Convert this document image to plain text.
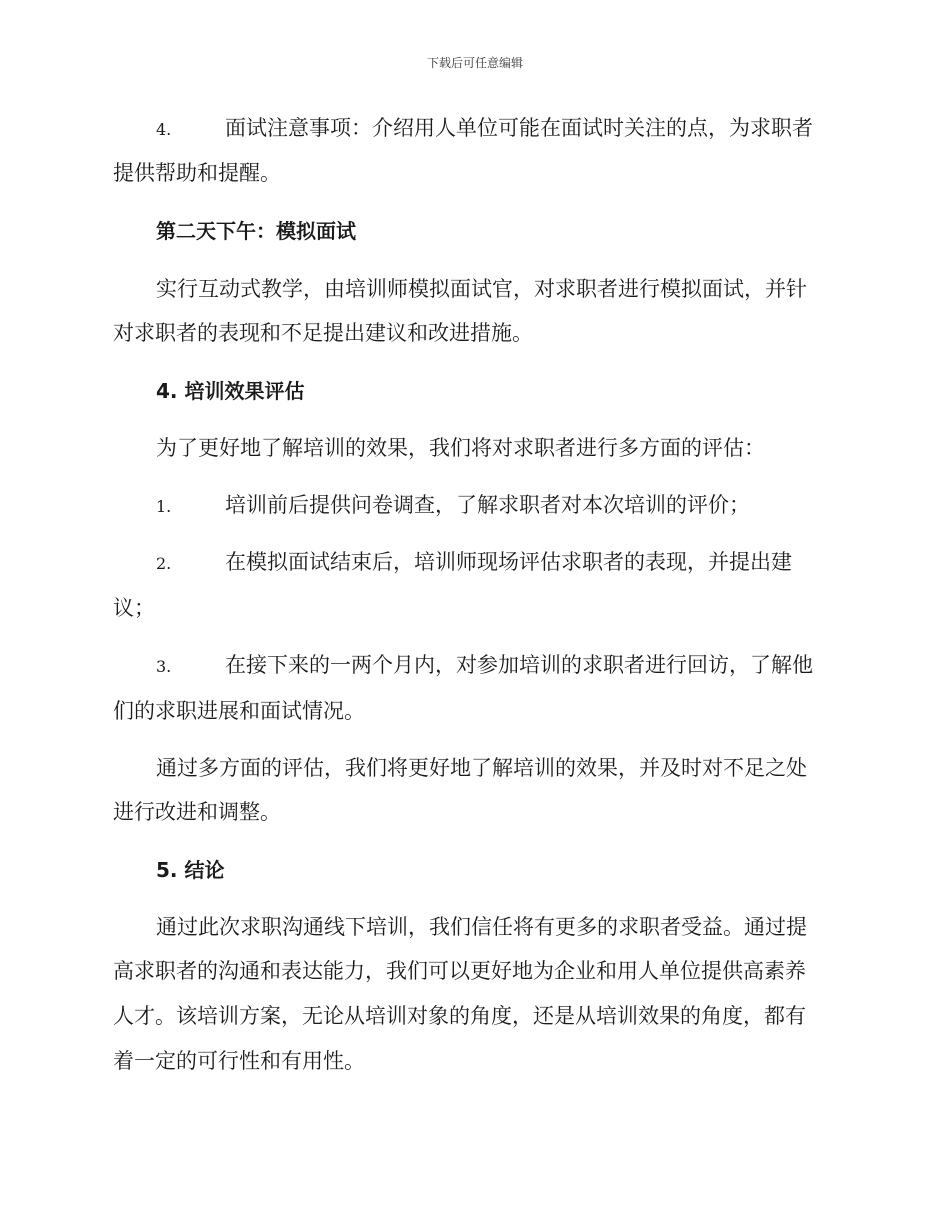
下载后可任意编辑
4.	面试注意事项：介绍用人单位可能在面试时关注的点，为求职者
提供帮助和提醒。
第二天下午：模拟面试
实行互动式教学，由培训师模拟面试官，对求职者进行模拟面试，并针
对求职者的表现和不足提出建议和改进措施。
4. 培训效果评估
为了更好地了解培训的效果，我们将对求职者进行多方面的评估：
1.	培训前后提供问卷调查，了解求职者对本次培训的评价；
2.	在模拟面试结束后，培训师现场评估求职者的表现，并提出建
议；
3.	在接下来的一两个月内，对参加培训的求职者进行回访，了解他
们的求职进展和面试情况。
通过多方面的评估，我们将更好地了解培训的效果，并及时对不足之处
进行改进和调整。
5. 结论
通过此次求职沟通线下培训，我们信任将有更多的求职者受益。通过提
高求职者的沟通和表达能力，我们可以更好地为企业和用人单位提供高素养
人才。该培训方案，无论从培训对象的角度，还是从培训效果的角度，都有
着一定的可行性和有用性。
